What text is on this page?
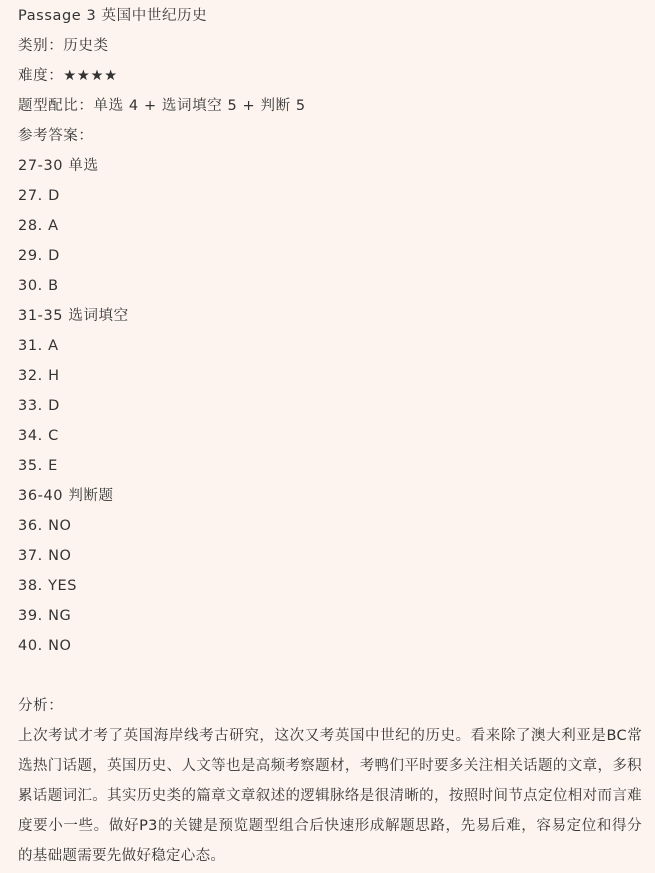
Passage 3 英国中世纪历史
类别：历史类
难度：★★★★
题型配比：单选 4 + 选词填空 5 + 判断 5
参考答案：
27-30 单选
27. D
28. A
29. D
30. B
31-35 选词填空
31. A
32. H
33. D
34. C
35. E
36-40 判断题
36. NO
37. NO
38. YES
39. NG
40. NO
分析：
上次考试才考了英国海岸线考古研究，这次又考英国中世纪的历史。看来除了澳大利亚是BC常选热门话题，英国历史、人文等也是高频考察题材，考鸭们平时要多关注相关话题的文章，多积累话题词汇。其实历史类的篇章文章叙述的逻辑脉络是很清晰的，按照时间节点定位相对而言难度要小一些。做好P3的关键是预览题型组合后快速形成解题思路，先易后难，容易定位和得分的基础题需要先做好稳定心态。
